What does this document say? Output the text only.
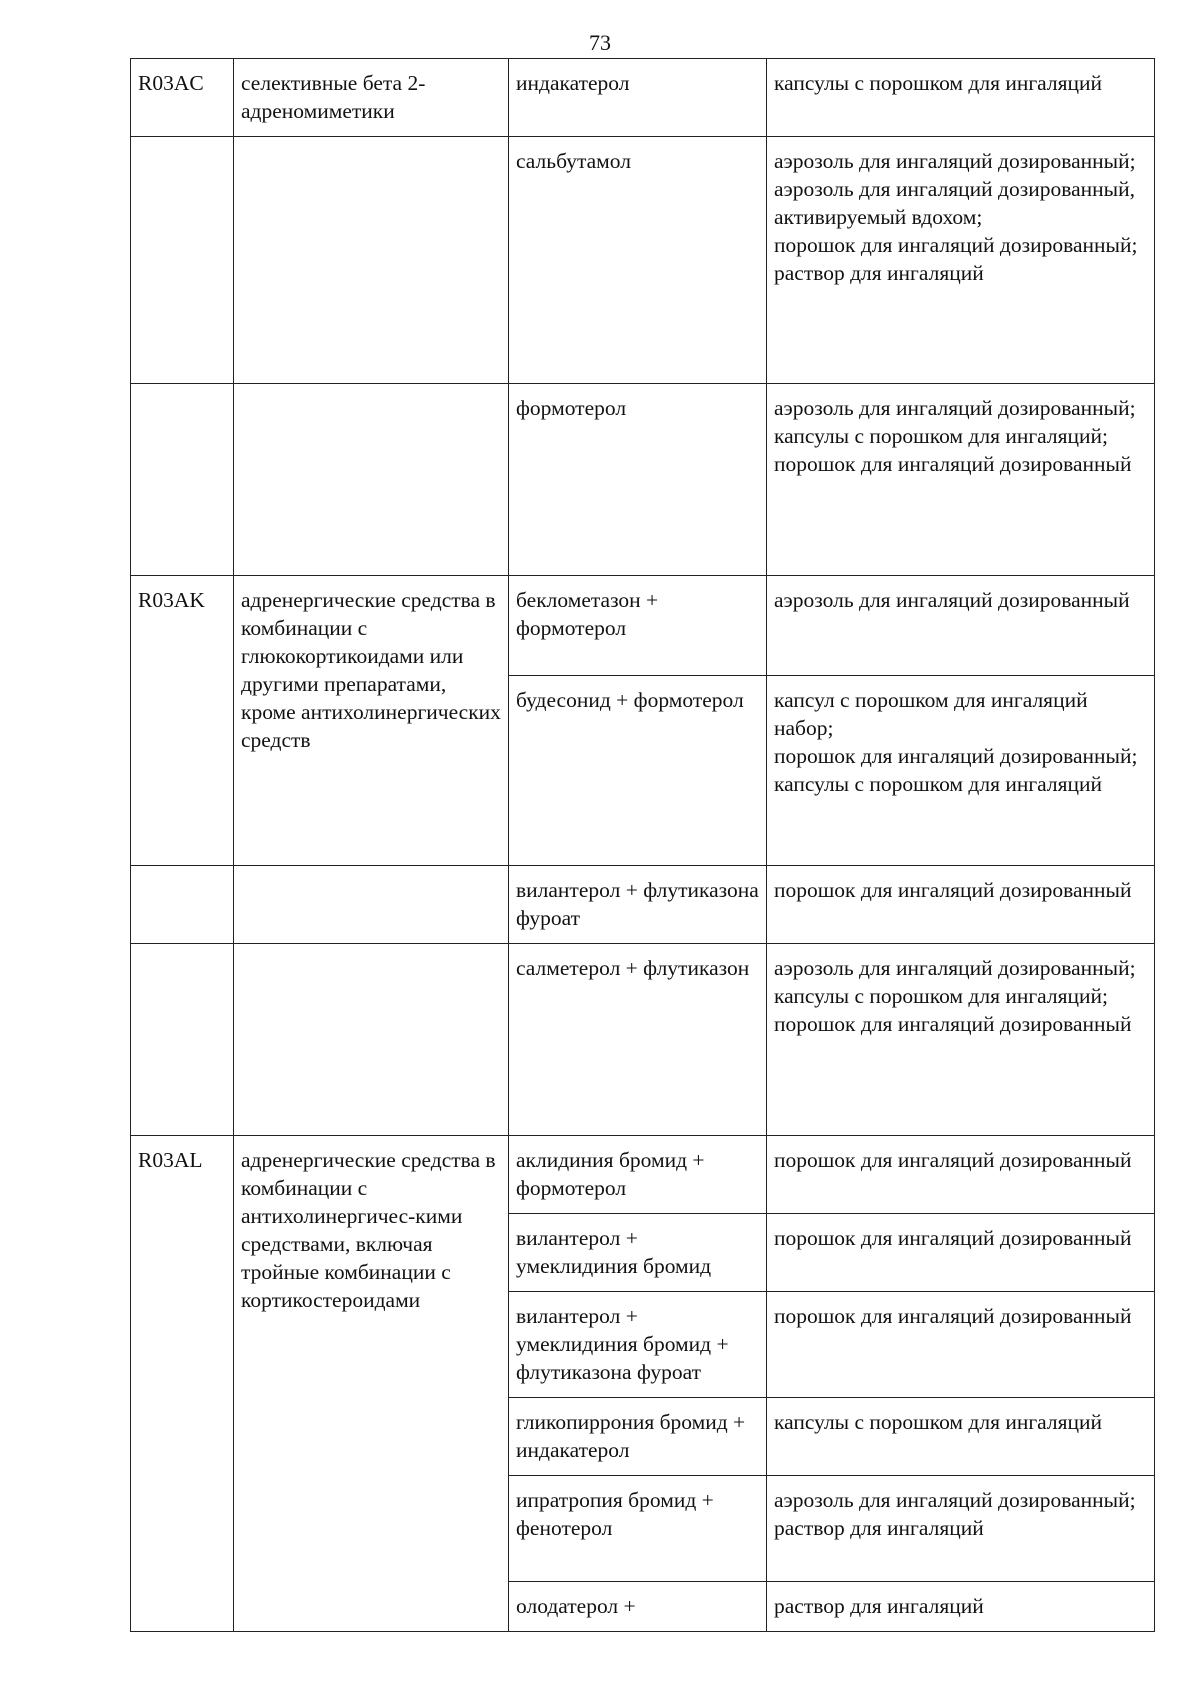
73
R03AC	селективные бета 2-адреномиметики	индакатерол	капсулы с порошком для ингаляций

		сальбутамол	аэрозоль для ингаляций дозированный;
аэрозоль для ингаляций дозированный, активируемый вдохом;
порошок для ингаляций дозированный;
раствор для ингаляций

		формотерол	аэрозоль для ингаляций дозированный;
капсулы с порошком для ингаляций;
порошок для ингаляций дозированный

R03AK	адренергические средства в комбинации с глюкокортикоидами или другими препаратами, кроме антихолинергических средств	беклометазон + формотерол	аэрозоль для ингаляций дозированный

		будесонид + формотерол	капсул с порошком для ингаляций набор;
порошок для ингаляций дозированный;
капсулы с порошком для ингаляций

		вилантерол + флутиказона фуроат	порошок для ингаляций дозированный

		салметерол + флутиказон	аэрозоль для ингаляций дозированный;
капсулы с порошком для ингаляций;
порошок для ингаляций дозированный

R03AL	адренергические средства в комбинации с антихолинергичес-кими средствами, включая тройные комбинации с кортикостероидами	аклидиния бромид + формотерол	порошок для ингаляций дозированный

		вилантерол + умеклидиния бромид	порошок для ингаляций дозированный

		вилантерол + умеклидиния бромид + флутиказона фуроат	порошок для ингаляций дозированный

		гликопиррония бромид + индакатерол	капсулы с порошком для ингаляций

		ипратропия бромид + фенотерол	аэрозоль для ингаляций дозированный;
раствор для ингаляций

		олодатерол +	раствор для ингаляций
